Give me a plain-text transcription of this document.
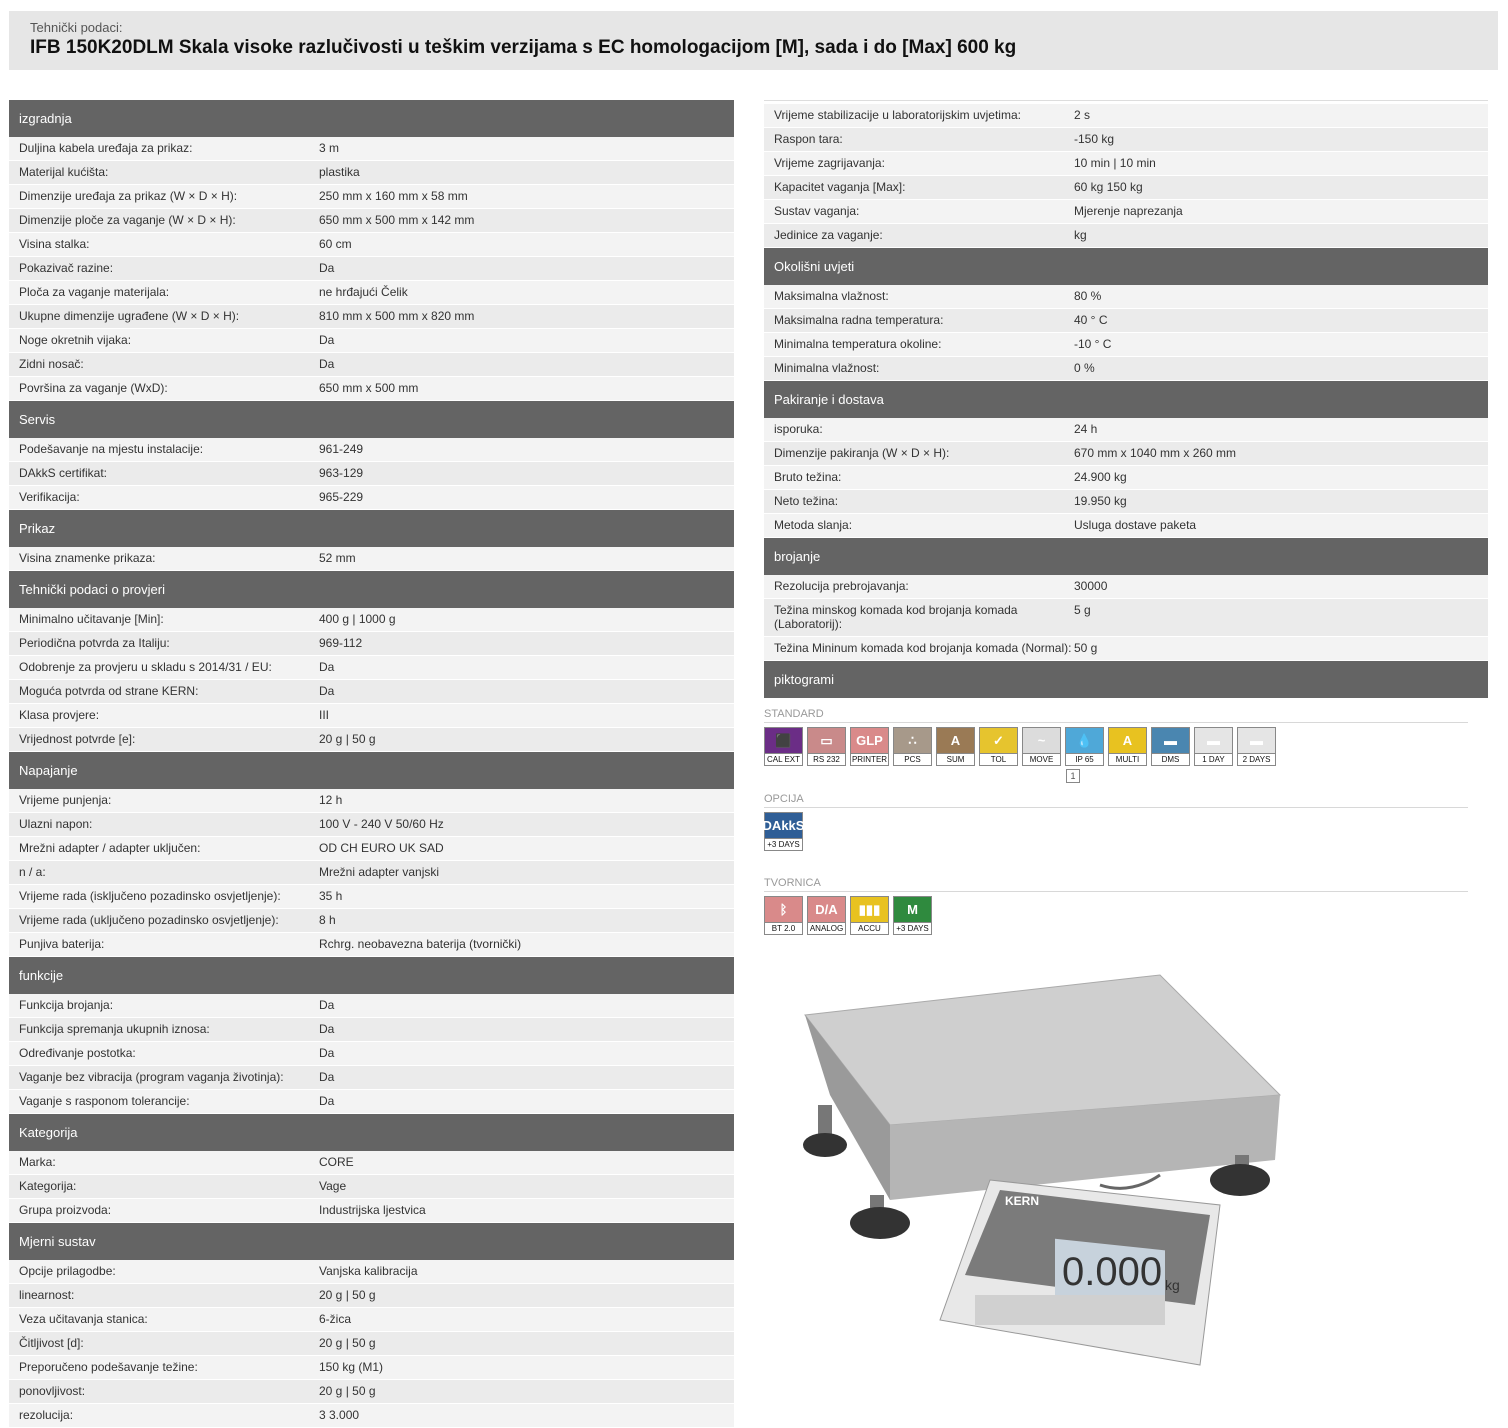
Tehnički podaci:
IFB 150K20DLM Skala visoke razlučivosti u teškim verzijama s EC homologacijom [M], sada i do [Max] 600 kg
izgradnja
Duljina kabela uređaja za prikaz:	3 m
Materijal kućišta:	plastika
Dimenzije uređaja za prikaz (W × D × H):	250 mm x 160 mm x 58 mm
Dimenzije ploče za vaganje (W × D × H):	650 mm x 500 mm x 142 mm
Visina stalka:	60 cm
Pokazivač razine:	Da
Ploča za vaganje materijala:	ne hrđajući Čelik
Ukupne dimenzije ugrađene (W × D × H):	810 mm x 500 mm x 820 mm
Noge okretnih vijaka:	Da
Zidni nosač:	Da
Površina za vaganje (WxD):	650 mm x 500 mm
Servis
Podešavanje na mjestu instalacije:	961-249
DAkkS certifikat:	963-129
Verifikacija:	965-229
Prikaz
Visina znamenke prikaza:	52 mm
Tehnički podaci o provjeri
Minimalno učitavanje [Min]:	400 g | 1000 g
Periodična potvrda za Italiju:	969-112
Odobrenje za provjeru u skladu s 2014/31 / EU:	Da
Moguća potvrda od strane KERN:	Da
Klasa provjere:	III
Vrijednost potvrde [e]:	20 g | 50 g
Napajanje
Vrijeme punjenja:	12 h
Ulazni napon:	100 V - 240 V 50/60 Hz
Mrežni adapter / adapter uključen:	OD CH EURO UK SAD
n / a:	Mrežni adapter vanjski
Vrijeme rada (isključeno pozadinsko osvjetljenje):	35 h
Vrijeme rada (uključeno pozadinsko osvjetljenje):	8 h
Punjiva baterija:	Rchrg. neobavezna baterija (tvornički)
funkcije
Funkcija brojanja:	Da
Funkcija spremanja ukupnih iznosa:	Da
Određivanje postotka:	Da
Vaganje bez vibracija (program vaganja životinja):	Da
Vaganje s rasponom tolerancije:	Da
Kategorija
Marka:	CORE
Kategorija:	Vage
Grupa proizvoda:	Industrijska ljestvica
Mjerni sustav
Opcije prilagodbe:	Vanjska kalibracija
linearnost:	20 g | 50 g
Veza učitavanja stanica:	6-žica
Čitljivost [d]:	20 g | 50 g
Preporučeno podešavanje težine:	150 kg (M1)
ponovljivost:	20 g | 50 g
rezolucija:	3 3.000
Vrijeme stabilizacije u laboratorijskim uvjetima:	2 s
Raspon tara:	-150 kg
Vrijeme zagrijavanja:	10 min | 10 min
Kapacitet vaganja [Max]:	60 kg 150 kg
Sustav vaganja:	Mjerenje naprezanja
Jedinice za vaganje:	kg
Okolišni uvjeti
Maksimalna vlažnost:	80 %
Maksimalna radna temperatura:	40 ° C
Minimalna temperatura okoline:	-10 ° C
Minimalna vlažnost:	0 %
Pakiranje i dostava
isporuka:	24 h
Dimenzije pakiranja (W × D × H):	670 mm x 1040 mm x 260 mm
Bruto težina:	24.900 kg
Neto težina:	19.950 kg
Metoda slanja:	Usluga dostave paketa
brojanje
Rezolucija prebrojavanja:	30000
Težina minskog komada kod brojanja komada (Laboratorij):
5 g
Težina Mininum komada kod brojanja komada (Normal): 50 g
piktogrami
STANDARD
⬛
CAL EXT
▭
RS 232
GLP
PRINTER
∴
PCS
A
SUM
✓
TOL
~
MOVE
💧
IP 65
A
MULTI
▬
DMS
▬
1 DAY
▬
2 DAYS
1
OPCIJA
DAkkS
+3 DAYS
TVORNICA
ᛒ
BT 2.0
D/A
ANALOG
▮▮▮
ACCU
M
+3 DAYS
0.000 kg
KERN
